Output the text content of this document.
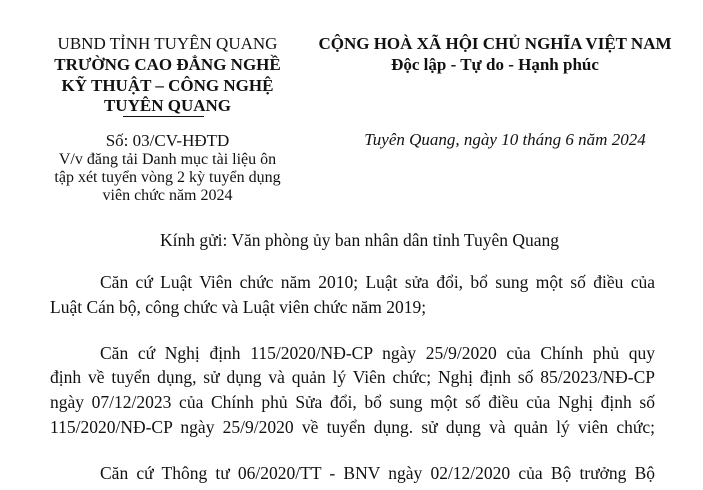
UBND TỈNH TUYÊN QUANG
TRƯỜNG CAO ĐẲNG NGHỀ
KỸ THUẬT – CÔNG NGHỆ
TUYÊN QUANG
Số: 03/CV-HĐTD
V/v đăng tải Danh mục tài liệu ôn
tập xét tuyển vòng 2 kỳ tuyển dụng
viên chức năm 2024
CỘNG HOÀ XÃ HỘI CHỦ NGHĨA VIỆT NAM
Độc lập - Tự do - Hạnh phúc
Tuyên Quang, ngày 10 tháng 6 năm 2024
Kính gửi: Văn phòng ủy ban nhân dân tỉnh Tuyên Quang
Căn cứ Luật Viên chức năm 2010; Luật sửa đổi, bổ sung một số điều của
Luật Cán bộ, công chức và Luật viên chức năm 2019;
Căn cứ Nghị định 115/2020/NĐ-CP ngày 25/9/2020 của Chính phủ quy
định về tuyển dụng, sử dụng và quản lý Viên chức; Nghị định số 85/2023/NĐ-CP
ngày 07/12/2023 của Chính phủ Sửa đổi, bổ sung một số điều của Nghị định số
115/2020/NĐ-CP ngày 25/9/2020 về tuyển dụng. sử dụng và quản lý viên chức;
Căn cứ Thông tư 06/2020/TT - BNV ngày 02/12/2020 của Bộ trưởng Bộ
